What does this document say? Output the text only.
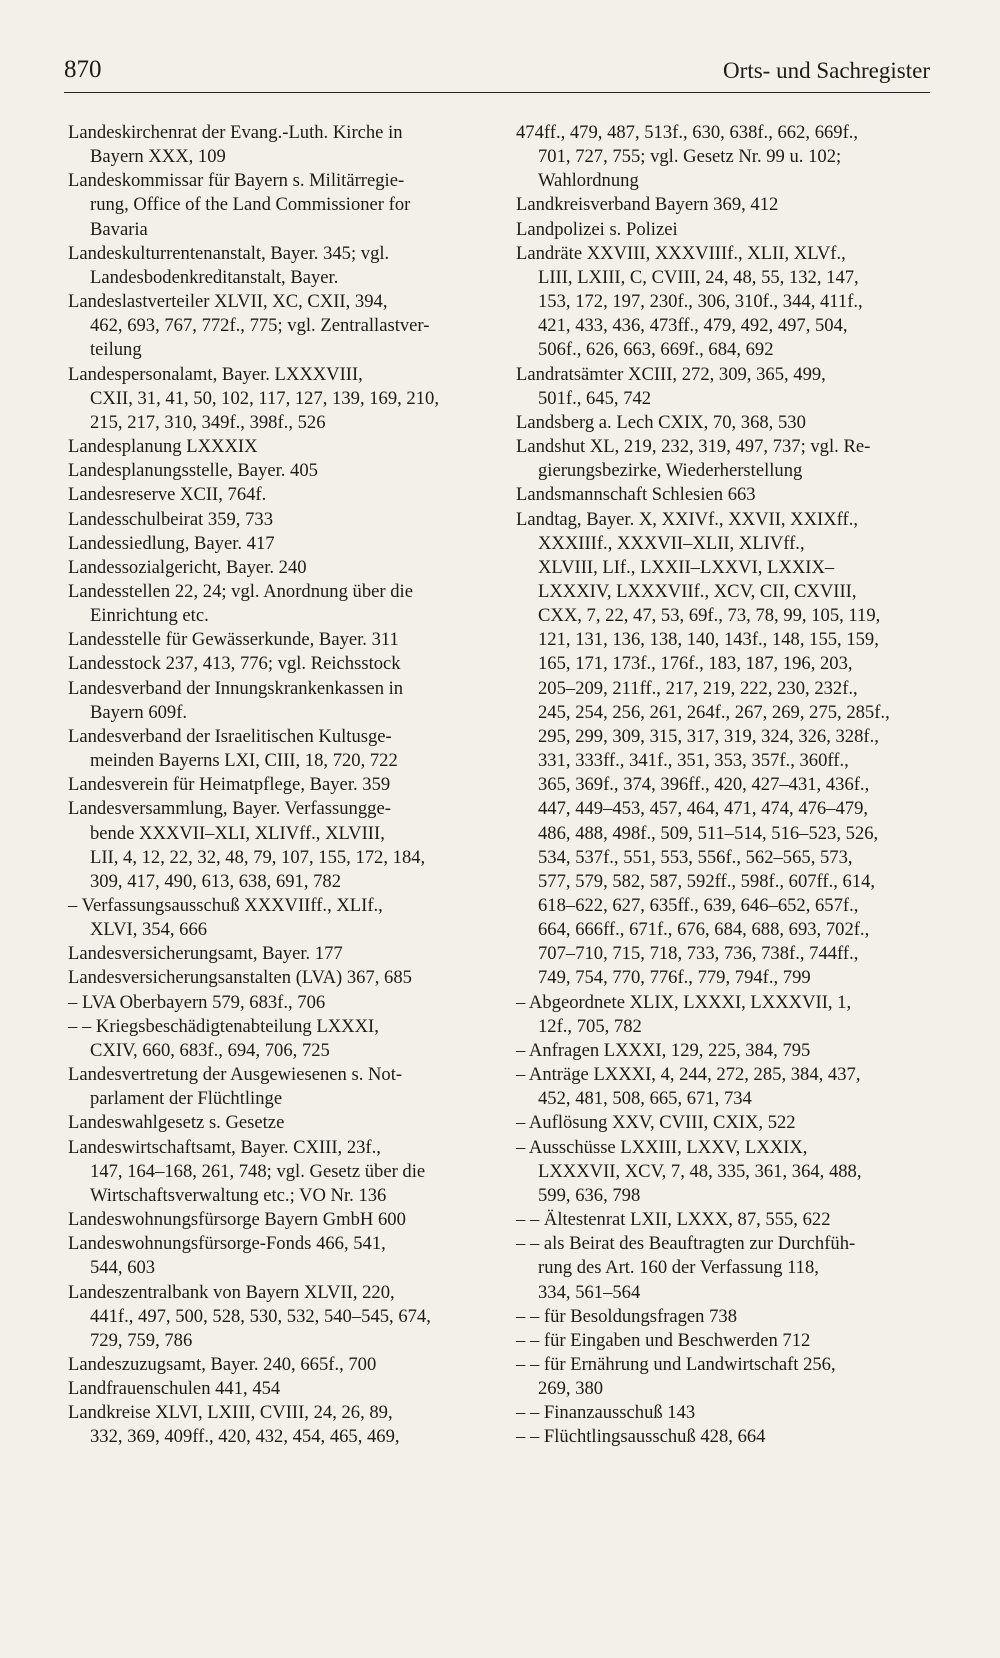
870	Orts- und Sachregister
Landeskirchenrat der Evang.-Luth. Kirche in
Bayern XXX, 109
Landeskommissar für Bayern s. Militärregie-
rung, Office of the Land Commissioner for
Bavaria
Landeskulturrentenanstalt, Bayer. 345; vgl.
Landesbodenkreditanstalt, Bayer.
Landeslastverteiler XLVII, XC, CXII, 394,
462, 693, 767, 772f., 775; vgl. Zentrallastver-
teilung
Landespersonalamt, Bayer. LXXXVIII,
CXII, 31, 41, 50, 102, 117, 127, 139, 169, 210,
215, 217, 310, 349f., 398f., 526
Landesplanung LXXXIX
Landesplanungsstelle, Bayer. 405
Landesreserve XCII, 764f.
Landesschulbeirat 359, 733
Landessiedlung, Bayer. 417
Landessozialgericht, Bayer. 240
Landesstellen 22, 24; vgl. Anordnung über die
Einrichtung etc.
Landesstelle für Gewässerkunde, Bayer. 311
Landesstock 237, 413, 776; vgl. Reichsstock
Landesverband der Innungskrankenkassen in
Bayern 609f.
Landesverband der Israelitischen Kultusge-
meinden Bayerns LXI, CIII, 18, 720, 722
Landesverein für Heimatpflege, Bayer. 359
Landesversammlung, Bayer. Verfassungge-
bende XXXVII–XLI, XLIVff., XLVIII,
LII, 4, 12, 22, 32, 48, 79, 107, 155, 172, 184,
309, 417, 490, 613, 638, 691, 782
– Verfassungsausschuß XXXVIIff., XLIf.,
XLVI, 354, 666
Landesversicherungsamt, Bayer. 177
Landesversicherungsanstalten (LVA) 367, 685
– LVA Oberbayern 579, 683f., 706
– – Kriegsbeschädigtenabteilung LXXXI,
CXIV, 660, 683f., 694, 706, 725
Landesvertretung der Ausgewiesenen s. Not-
parlament der Flüchtlinge
Landeswahlgesetz s. Gesetze
Landeswirtschaftsamt, Bayer. CXIII, 23f.,
147, 164–168, 261, 748; vgl. Gesetz über die
Wirtschaftsverwaltung etc.; VO Nr. 136
Landeswohnungsfürsorge Bayern GmbH 600
Landeswohnungsfürsorge-Fonds 466, 541,
544, 603
Landeszentralbank von Bayern XLVII, 220,
441f., 497, 500, 528, 530, 532, 540–545, 674,
729, 759, 786
Landeszuzugsamt, Bayer. 240, 665f., 700
Landfrauenschulen 441, 454
Landkreise XLVI, LXIII, CVIII, 24, 26, 89,
332, 369, 409ff., 420, 432, 454, 465, 469,
474ff., 479, 487, 513f., 630, 638f., 662, 669f.,
701, 727, 755; vgl. Gesetz Nr. 99 u. 102;
Wahlordnung
Landkreisverband Bayern 369, 412
Landpolizei s. Polizei
Landräte XXVIII, XXXVIIIf., XLII, XLVf.,
LIII, LXIII, C, CVIII, 24, 48, 55, 132, 147,
153, 172, 197, 230f., 306, 310f., 344, 411f.,
421, 433, 436, 473ff., 479, 492, 497, 504,
506f., 626, 663, 669f., 684, 692
Landratsämter XCIII, 272, 309, 365, 499,
501f., 645, 742
Landsberg a. Lech CXIX, 70, 368, 530
Landshut XL, 219, 232, 319, 497, 737; vgl. Re-
gierungsbezirke, Wiederherstellung
Landsmannschaft Schlesien 663
Landtag, Bayer. X, XXIVf., XXVII, XXIXff.,
XXXIIIf., XXXVII–XLII, XLIVff.,
XLVIII, LIf., LXXII–LXXVI, LXXIX–
LXXXIV, LXXXVIIf., XCV, CII, CXVIII,
CXX, 7, 22, 47, 53, 69f., 73, 78, 99, 105, 119,
121, 131, 136, 138, 140, 143f., 148, 155, 159,
165, 171, 173f., 176f., 183, 187, 196, 203,
205–209, 211ff., 217, 219, 222, 230, 232f.,
245, 254, 256, 261, 264f., 267, 269, 275, 285f.,
295, 299, 309, 315, 317, 319, 324, 326, 328f.,
331, 333ff., 341f., 351, 353, 357f., 360ff.,
365, 369f., 374, 396ff., 420, 427–431, 436f.,
447, 449–453, 457, 464, 471, 474, 476–479,
486, 488, 498f., 509, 511–514, 516–523, 526,
534, 537f., 551, 553, 556f., 562–565, 573,
577, 579, 582, 587, 592ff., 598f., 607ff., 614,
618–622, 627, 635ff., 639, 646–652, 657f.,
664, 666ff., 671f., 676, 684, 688, 693, 702f.,
707–710, 715, 718, 733, 736, 738f., 744ff.,
749, 754, 770, 776f., 779, 794f., 799
– Abgeordnete XLIX, LXXXI, LXXXVII, 1,
12f., 705, 782
– Anfragen LXXXI, 129, 225, 384, 795
– Anträge LXXXI, 4, 244, 272, 285, 384, 437,
452, 481, 508, 665, 671, 734
– Auflösung XXV, CVIII, CXIX, 522
– Ausschüsse LXXIII, LXXV, LXXIX,
LXXXVII, XCV, 7, 48, 335, 361, 364, 488,
599, 636, 798
– – Ältestenrat LXII, LXXX, 87, 555, 622
– – als Beirat des Beauftragten zur Durchfüh-
rung des Art. 160 der Verfassung 118,
334, 561–564
– – für Besoldungsfragen 738
– – für Eingaben und Beschwerden 712
– – für Ernährung und Landwirtschaft 256,
269, 380
– – Finanzausschuß 143
– – Flüchtlingsausschuß 428, 664
